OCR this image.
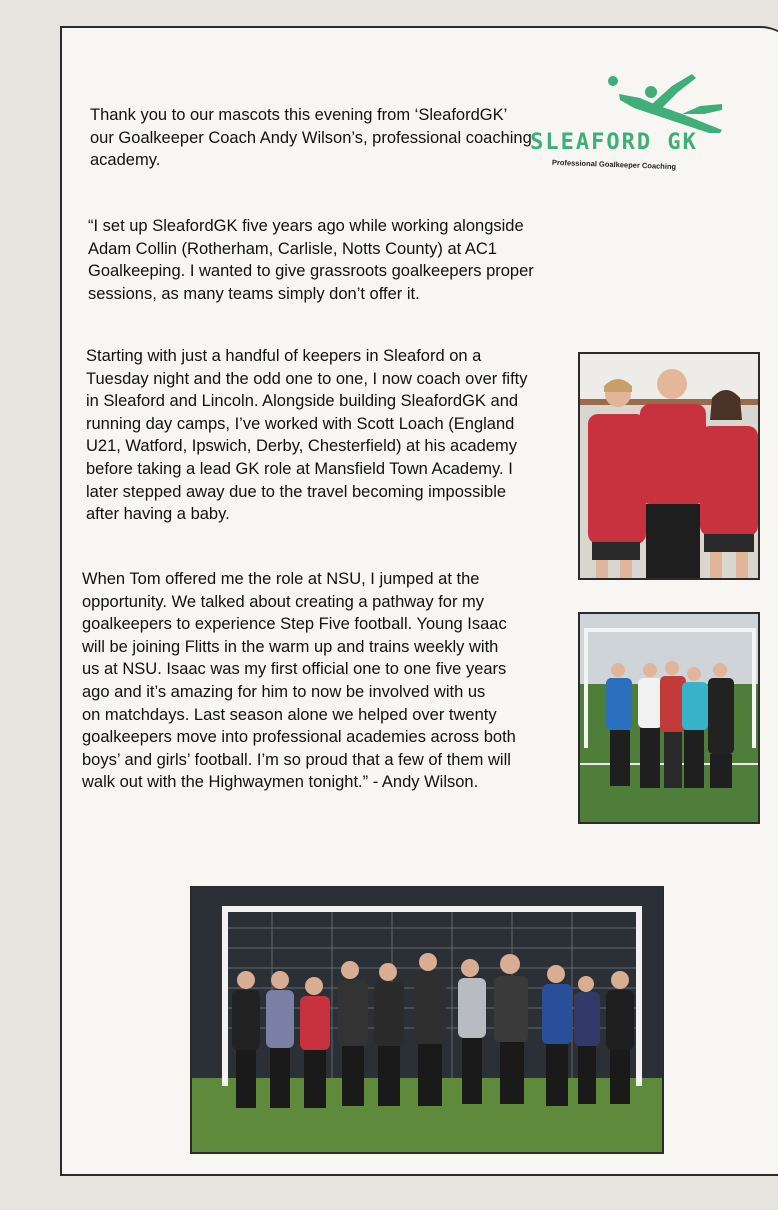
Thank you to our mascots this evening from ‘SleafordGK’
our Goalkeeper Coach Andy Wilson’s, professional coaching
academy.

“I set up SleafordGK five years ago while working alongside
Adam Collin (Rotherham, Carlisle, Notts County) at AC1
Goalkeeping. I wanted to give grassroots goalkeepers proper
sessions, as many teams simply don’t offer it.

Starting with just a handful of keepers in Sleaford on a
Tuesday night and the odd one to one, I now coach over fifty
in Sleaford and Lincoln. Alongside building SleafordGK and
running day camps, I’ve worked with Scott Loach (England
U21, Watford, Ipswich, Derby, Chesterfield) at his academy
before taking a lead GK role at Mansfield Town Academy. I
later stepped away due to the travel becoming impossible
after having a baby.

When Tom offered me the role at NSU, I jumped at the
opportunity. We talked about creating a pathway for my
goalkeepers to experience Step Five football. Young Isaac
will be joining Flitts in the warm up and trains weekly with
us at NSU. Isaac was my first official one to one five years
ago and it’s amazing for him to now be involved with us
on matchdays. Last season alone we helped over twenty
goalkeepers move into professional academies across both
boys’ and girls’ football. I’m so proud that a few of them will
walk out with the Highwaymen tonight.” - Andy Wilson.

SLEAFORD GK
Professional Goalkeeper Coaching
